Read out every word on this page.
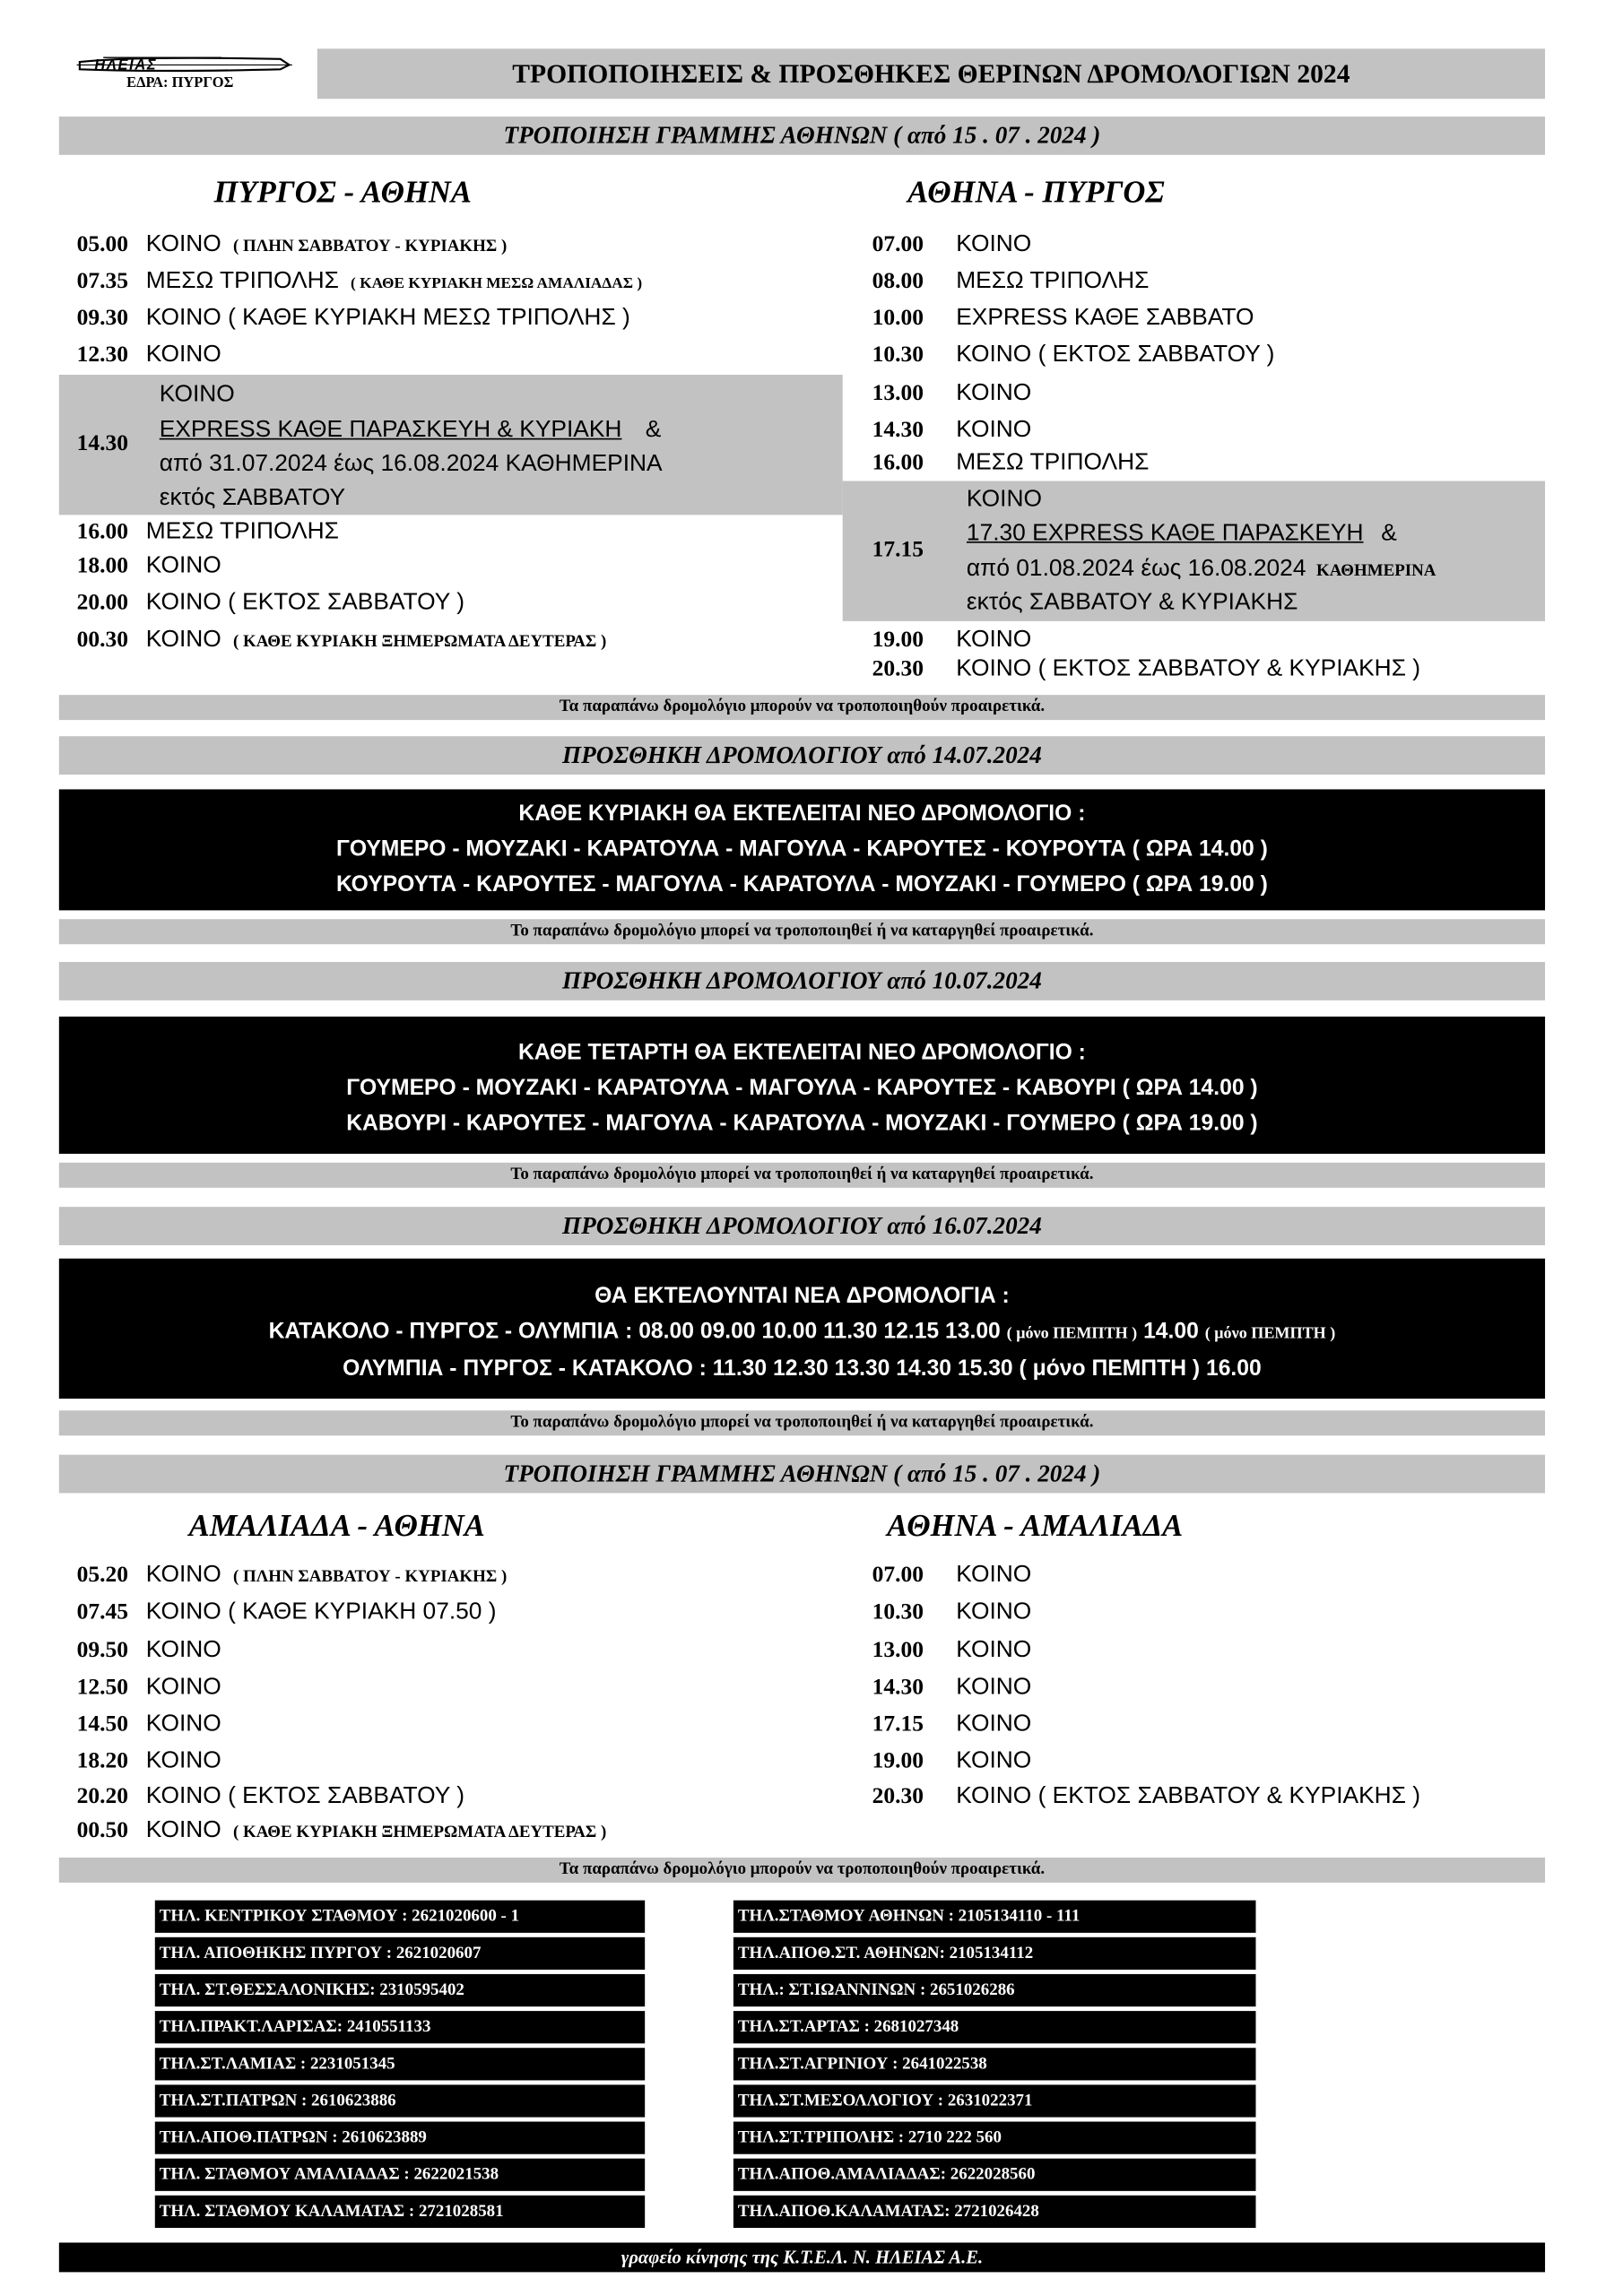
ΗΛΕΙΑΣ
ΕΔΡΑ: ΠΥΡΓΟΣ	ΤΡΟΠΟΠΟΙΗΣΕΙΣ & ΠΡΟΣΘΗΚΕΣ ΘΕΡΙΝΩΝ ΔΡΟΜΟΛΟΓΙΩΝ 2024
ΤΡΟΠΟΙΗΣΗ ΓΡΑΜΜΗΣ ΑΘΗΝΩΝ ( από 15 . 07 . 2024 )
ΠΥΡΓΟΣ - ΑΘΗΝΑ	ΑΘΗΝΑ - ΠΥΡΓΟΣ
05.00 ΚΟΙΝΟ ( ΠΛΗΝ ΣΑΒΒΑΤΟΥ - ΚΥΡΙΑΚΗΣ )
07.35 ΜΕΣΩ ΤΡΙΠΟΛΗΣ ( ΚΑΘΕ ΚΥΡΙΑΚΗ ΜΕΣΩ ΑΜΑΛΙΑΔΑΣ )
09.30 ΚΟΙΝΟ ( ΚΑΘΕ ΚΥΡΙΑΚΗ ΜΕΣΩ ΤΡΙΠΟΛΗΣ )
12.30 ΚΟΙΝΟ
14.30
ΚΟΙΝΟ
EXPRESS ΚΑΘΕ ΠΑΡΑΣΚΕΥΗ & ΚΥΡΙΑΚΗ &
από 31.07.2024 έως 16.08.2024 ΚΑΘΗΜΕΡΙΝΑ
εκτός ΣΑΒΒΑΤΟΥ
16.00 ΜΕΣΩ ΤΡΙΠΟΛΗΣ
18.00 ΚΟΙΝΟ
20.00 ΚΟΙΝΟ ( ΕΚΤΟΣ ΣΑΒΒΑΤΟΥ )
00.30 ΚΟΙΝΟ ( ΚΑΘΕ ΚΥΡΙΑΚΗ ΞΗΜΕΡΩΜΑΤΑ ΔΕΥΤΕΡΑΣ )
07.00 ΚΟΙΝΟ
08.00 ΜΕΣΩ ΤΡΙΠΟΛΗΣ
10.00 EXPRESS ΚΑΘΕ ΣΑΒΒΑΤΟ
10.30 ΚΟΙΝΟ ( ΕΚΤΟΣ ΣΑΒΒΑΤΟΥ )
13.00 ΚΟΙΝΟ
14.30 ΚΟΙΝΟ
16.00 ΜΕΣΩ ΤΡΙΠΟΛΗΣ
17.15
ΚΟΙΝΟ
17.30 EXPRESS ΚΑΘΕ ΠΑΡΑΣΚΕΥΗ &
από 01.08.2024 έως 16.08.2024 ΚΑΘΗΜΕΡΙΝΑ
εκτός ΣΑΒΒΑΤΟΥ & ΚΥΡΙΑΚΗΣ
19.00 ΚΟΙΝΟ
20.30 ΚΟΙΝΟ ( ΕΚΤΟΣ ΣΑΒΒΑΤΟΥ & ΚΥΡΙΑΚΗΣ )
Τα παραπάνω δρομολόγιο μπορούν να τροποποιηθούν προαιρετικά.
ΠΡΟΣΘΗΚΗ ΔΡΟΜΟΛΟΓΙΟΥ από 14.07.2024
ΚΑΘΕ ΚΥΡΙΑΚΗ ΘΑ ΕΚΤΕΛΕΙΤΑΙ ΝΕΟ ΔΡΟΜΟΛΟΓΙΟ :
ΓΟΥΜΕΡΟ - ΜΟΥΖΑΚΙ - ΚΑΡΑΤΟΥΛΑ - ΜΑΓΟΥΛΑ - ΚΑΡΟΥΤΕΣ - ΚΟΥΡΟΥΤΑ ( ΩΡΑ 14.00 )
ΚΟΥΡΟΥΤΑ - ΚΑΡΟΥΤΕΣ - ΜΑΓΟΥΛΑ - ΚΑΡΑΤΟΥΛΑ - ΜΟΥΖΑΚΙ - ΓΟΥΜΕΡΟ ( ΩΡΑ 19.00 )
Το παραπάνω δρομολόγιο μπορεί να τροποποιηθεί ή να καταργηθεί προαιρετικά.
ΠΡΟΣΘΗΚΗ ΔΡΟΜΟΛΟΓΙΟΥ από 10.07.2024
ΚΑΘΕ ΤΕΤΑΡΤΗ ΘΑ ΕΚΤΕΛΕΙΤΑΙ ΝΕΟ ΔΡΟΜΟΛΟΓΙΟ :
ΓΟΥΜΕΡΟ - ΜΟΥΖΑΚΙ - ΚΑΡΑΤΟΥΛΑ - ΜΑΓΟΥΛΑ - ΚΑΡΟΥΤΕΣ - ΚΑΒΟΥΡΙ ( ΩΡΑ 14.00 )
ΚΑΒΟΥΡΙ - ΚΑΡΟΥΤΕΣ - ΜΑΓΟΥΛΑ - ΚΑΡΑΤΟΥΛΑ - ΜΟΥΖΑΚΙ - ΓΟΥΜΕΡΟ ( ΩΡΑ 19.00 )
Το παραπάνω δρομολόγιο μπορεί να τροποποιηθεί ή να καταργηθεί προαιρετικά.
ΠΡΟΣΘΗΚΗ ΔΡΟΜΟΛΟΓΙΟΥ από 16.07.2024
ΘΑ ΕΚΤΕΛΟΥΝΤΑΙ ΝΕΑ ΔΡΟΜΟΛΟΓΙΑ :
ΚΑΤΑΚΟΛΟ - ΠΥΡΓΟΣ - ΟΛΥΜΠΙΑ : 08.00 09.00 10.00 11.30 12.15 13.00 ( μόνο ΠΕΜΠΤΗ ) 14.00 ( μόνο ΠΕΜΠΤΗ )
ΟΛΥΜΠΙΑ - ΠΥΡΓΟΣ - ΚΑΤΑΚΟΛΟ : 11.30 12.30 13.30 14.30 15.30 ( μόνο ΠΕΜΠΤΗ ) 16.00
Το παραπάνω δρομολόγιο μπορεί να τροποποιηθεί ή να καταργηθεί προαιρετικά.
ΤΡΟΠΟΙΗΣΗ ΓΡΑΜΜΗΣ ΑΘΗΝΩΝ ( από 15 . 07 . 2024 )
ΑΜΑΛΙΑΔΑ - ΑΘΗΝΑ	ΑΘΗΝΑ - ΑΜΑΛΙΑΔΑ
05.20 ΚΟΙΝΟ ( ΠΛΗΝ ΣΑΒΒΑΤΟΥ - ΚΥΡΙΑΚΗΣ )
07.45 ΚΟΙΝΟ ( ΚΑΘΕ ΚΥΡΙΑΚΗ 07.50 )
09.50 ΚΟΙΝΟ
12.50 ΚΟΙΝΟ
14.50 ΚΟΙΝΟ
18.20 ΚΟΙΝΟ
20.20 ΚΟΙΝΟ ( ΕΚΤΟΣ ΣΑΒΒΑΤΟΥ )
00.50 ΚΟΙΝΟ ( ΚΑΘΕ ΚΥΡΙΑΚΗ ΞΗΜΕΡΩΜΑΤΑ ΔΕΥΤΕΡΑΣ )
07.00 ΚΟΙΝΟ
10.30 ΚΟΙΝΟ
13.00 ΚΟΙΝΟ
14.30 ΚΟΙΝΟ
17.15 ΚΟΙΝΟ
19.00 ΚΟΙΝΟ
20.30 ΚΟΙΝΟ ( ΕΚΤΟΣ ΣΑΒΒΑΤΟΥ & ΚΥΡΙΑΚΗΣ )
Τα παραπάνω δρομολόγιο μπορούν να τροποποιηθούν προαιρετικά.
ΤΗΛ. ΚΕΝΤΡΙΚΟΥ ΣΤΑΘΜΟΥ : 2621020600 - 1
ΤΗΛ. ΑΠΟΘΗΚΗΣ ΠΥΡΓΟΥ : 2621020607
ΤΗΛ. ΣΤ.ΘΕΣΣΑΛΟΝΙΚΗΣ: 2310595402
ΤΗΛ.ΠΡΑΚΤ.ΛΑΡΙΣΑΣ: 2410551133
ΤΗΛ.ΣΤ.ΛΑΜΙΑΣ : 2231051345
ΤΗΛ.ΣΤ.ΠΑΤΡΩΝ : 2610623886
ΤΗΛ.ΑΠΟΘ.ΠΑΤΡΩΝ : 2610623889
ΤΗΛ. ΣΤΑΘΜΟΥ ΑΜΑΛΙΑΔΑΣ : 2622021538
ΤΗΛ. ΣΤΑΘΜΟΥ ΚΑΛΑΜΑΤΑΣ : 2721028581
ΤΗΛ.ΣΤΑΘΜΟΥ ΑΘΗΝΩΝ : 2105134110 - 111
ΤΗΛ.ΑΠΟΘ.ΣΤ. ΑΘΗΝΩΝ: 2105134112
ΤΗΛ.: ΣΤ.ΙΩΑΝΝΙΝΩΝ : 2651026286
ΤΗΛ.ΣΤ.ΑΡΤΑΣ : 2681027348
ΤΗΛ.ΣΤ.ΑΓΡΙΝΙΟΥ : 2641022538
ΤΗΛ.ΣΤ.ΜΕΣΟΛΛΟΓΙΟΥ : 2631022371
ΤΗΛ.ΣΤ.ΤΡΙΠΟΛΗΣ : 2710 222 560
ΤΗΛ.ΑΠΟΘ.ΑΜΑΛΙΑΔΑΣ: 2622028560
ΤΗΛ.ΑΠΟΘ.ΚΑΛΑΜΑΤΑΣ: 2721026428
γραφείο κίνησης της Κ.Τ.Ε.Λ. Ν. ΗΛΕΙΑΣ Α.Ε.
